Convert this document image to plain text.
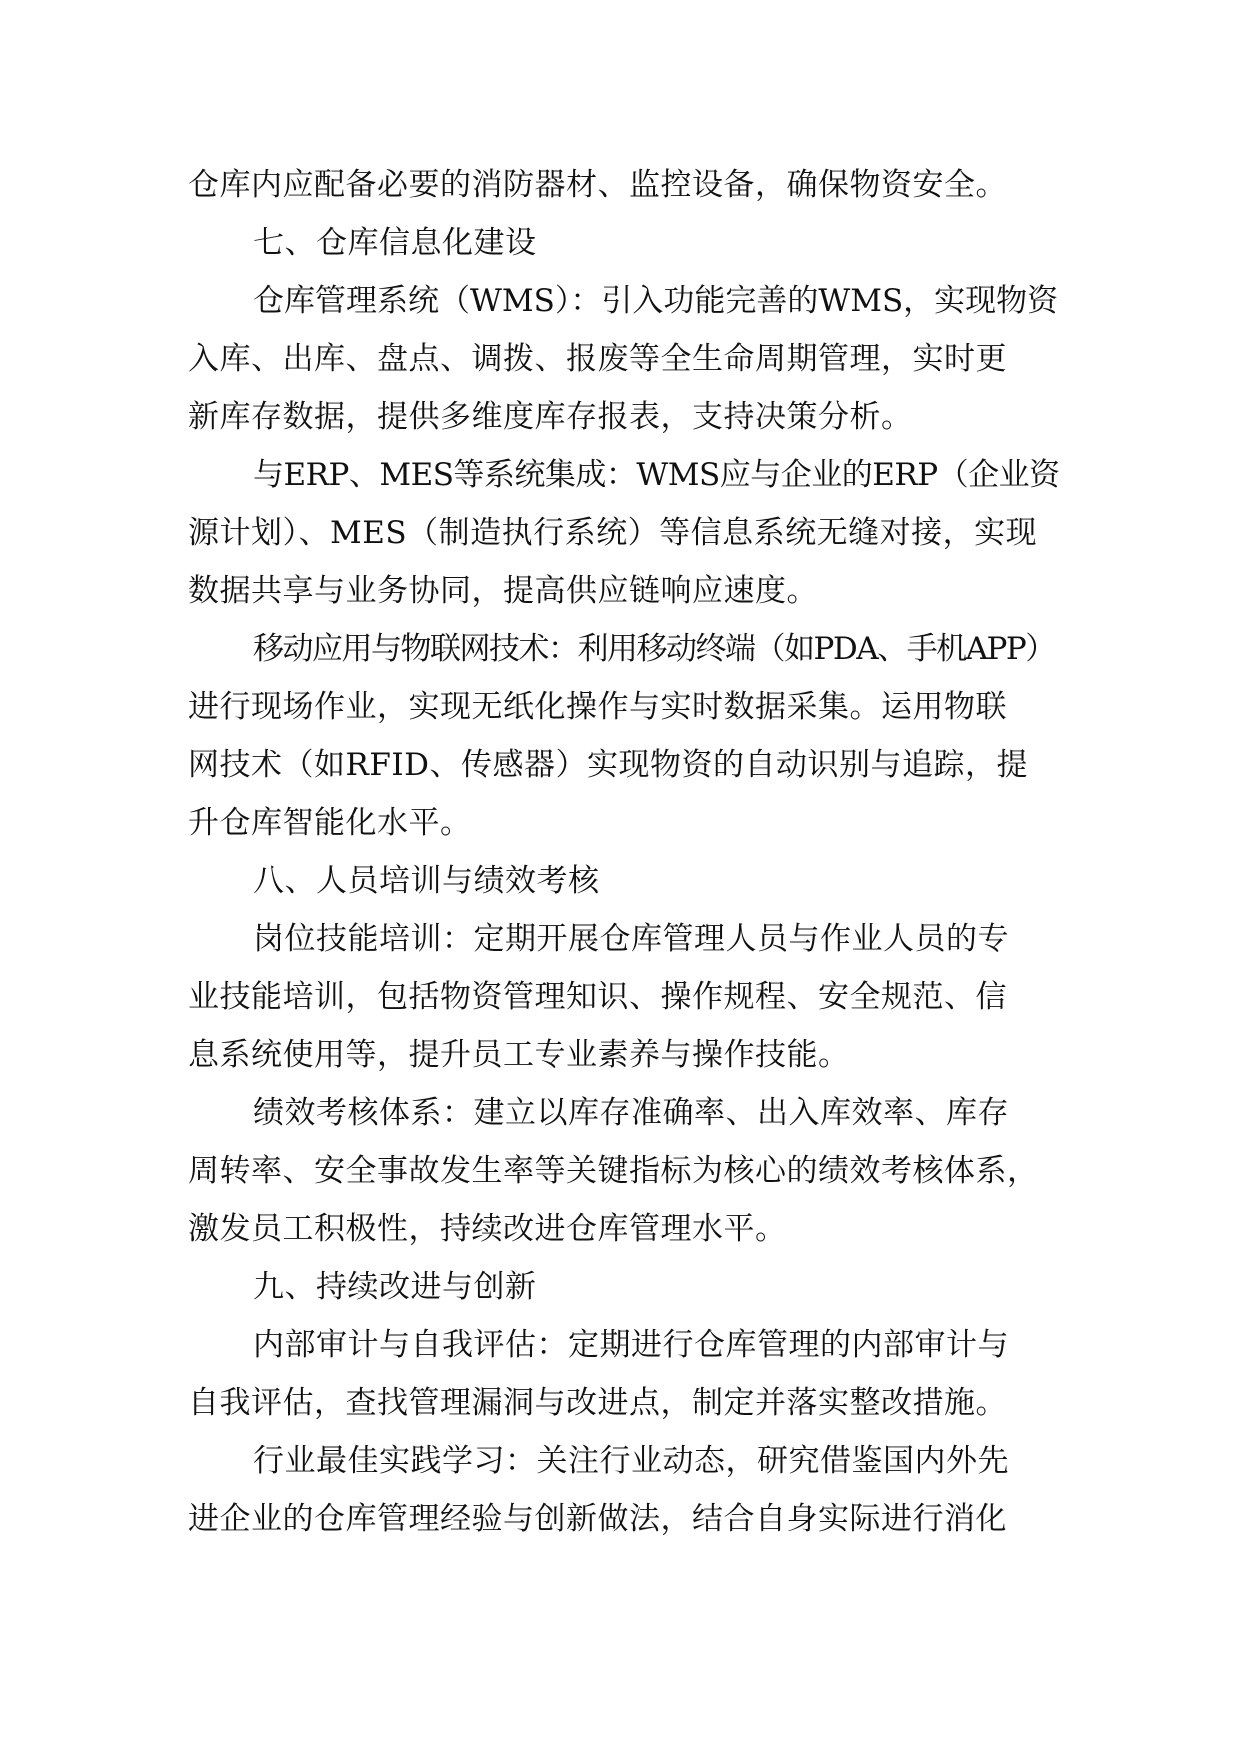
仓库内应配备必要的消防器材、监控设备，确保物资安全。
七、仓库信息化建设
仓库管理系统（WMS）：引入功能完善的WMS，实现物资
入库、出库、盘点、调拨、报废等全生命周期管理，实时更
新库存数据，提供多维度库存报表，支持决策分析。
与ERP、MES等系统集成：WMS应与企业的ERP（企业资
源计划）、MES（制造执行系统）等信息系统无缝对接，实现
数据共享与业务协同，提高供应链响应速度。
移动应用与物联网技术：利用移动终端（如PDA、手机APP）
进行现场作业，实现无纸化操作与实时数据采集。运用物联
网技术（如RFID、传感器）实现物资的自动识别与追踪，提
升仓库智能化水平。
八、人员培训与绩效考核
岗位技能培训：定期开展仓库管理人员与作业人员的专
业技能培训，包括物资管理知识、操作规程、安全规范、信
息系统使用等，提升员工专业素养与操作技能。
绩效考核体系：建立以库存准确率、出入库效率、库存
周转率、安全事故发生率等关键指标为核心的绩效考核体系，
激发员工积极性，持续改进仓库管理水平。
九、持续改进与创新
内部审计与自我评估：定期进行仓库管理的内部审计与
自我评估，查找管理漏洞与改进点，制定并落实整改措施。
行业最佳实践学习：关注行业动态，研究借鉴国内外先
进企业的仓库管理经验与创新做法，结合自身实际进行消化
